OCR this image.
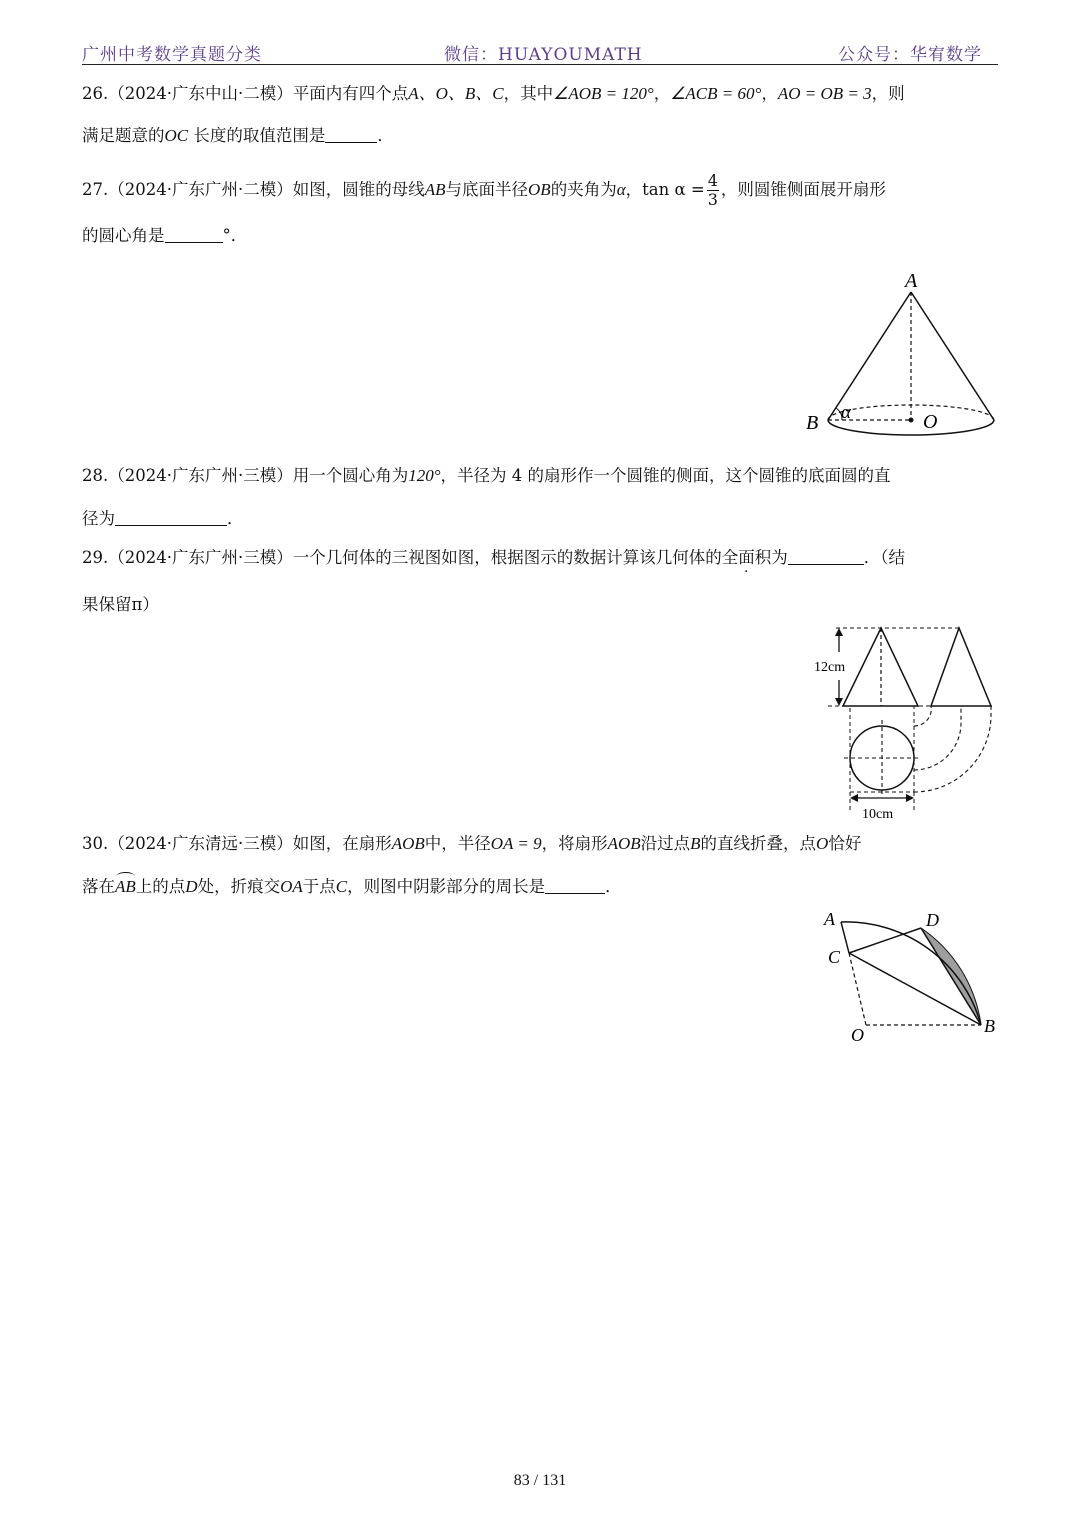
广州中考数学真题分类	微信：HUAYOUMATH	公众号：华宥数学
26.（2024·广东中山·二模）平面内有四个点A、O、B、C，其中∠AOB = 120°，∠ACB = 60°，AO = OB = 3，则
满足题意的OC 长度的取值范围是	．
27.（2024·广东广州·二模）如图，圆锥的母线AB与底面半径OB的夹角为α，$\tan \alpha = \frac{4}{3}$ ，则圆锥侧面展开扇形
的圆心角是	°．
A
B	O
α
28.（2024·广东广州·三模）用一个圆心角为120°，半径为 4 的扇形作一个圆锥的侧面，这个圆锥的底面圆的直
径为	．
29.（2024·广东广州·三模）一个几何体的三视图如图，根据图示的数据计算该几何体的全面积为	．（结
果保留π）
12cm
10cm
30.（2024·广东清远·三模）如图，在扇形AOB中，半径OA = 9，将扇形AOB沿过点B的直线折叠，点O恰好
落在AB上的点D处，折痕交OA于点C，则图中阴影部分的周长是	．
A	D
C
O	B
83 / 131
